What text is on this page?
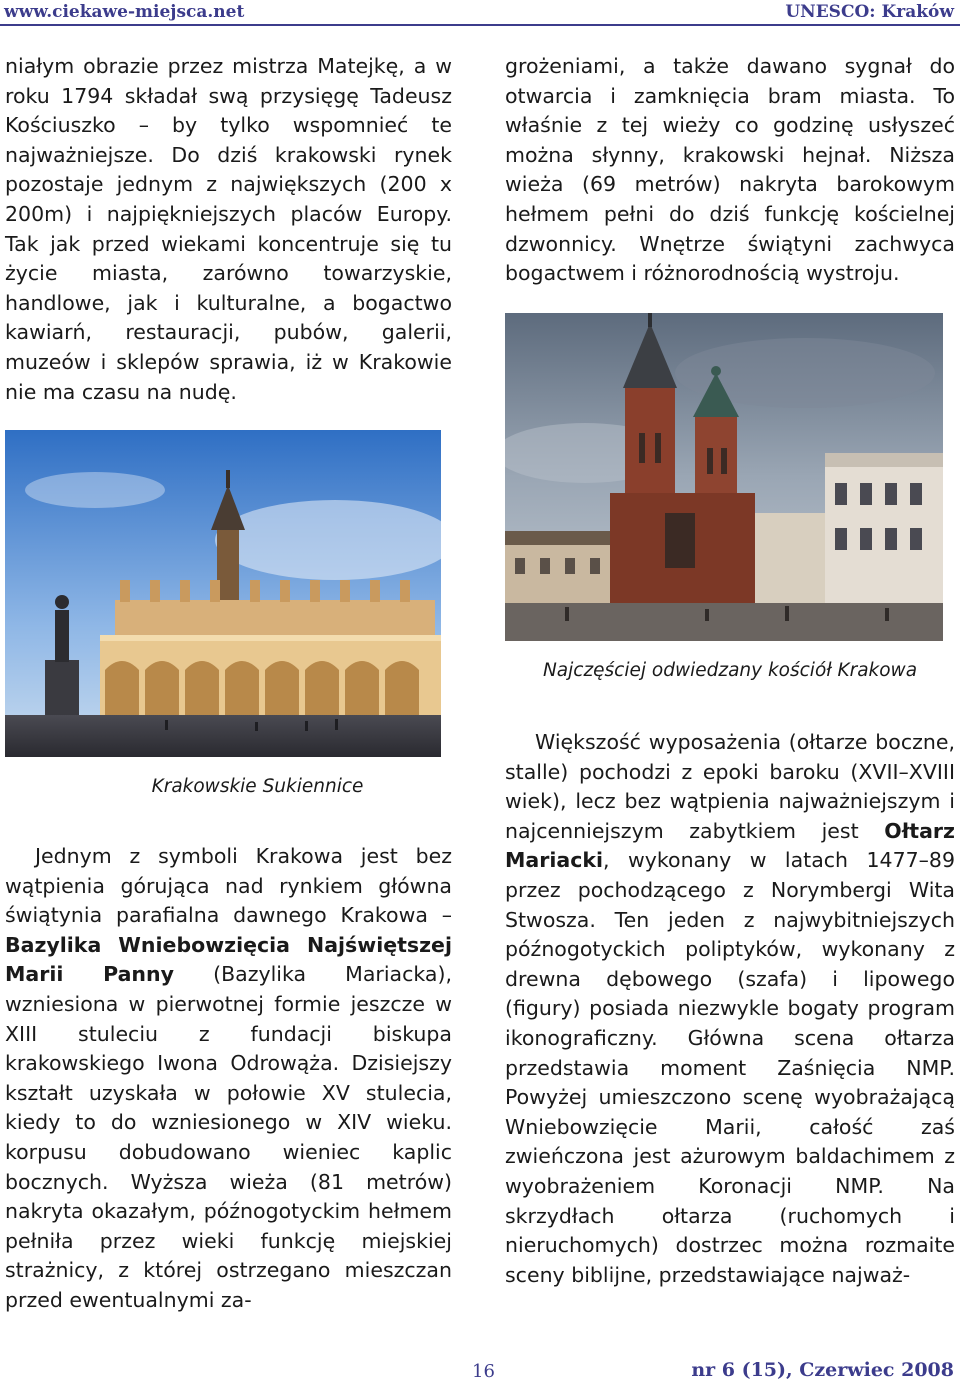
www.ciekawe-miejsca.net	UNESCO: Kraków

niałym obrazie przez mistrza Matejkę, a w roku 1794 składał swą przysięgę Tadeusz Kościuszko – by tylko wspomnieć te najważniejsze. Do dziś krakowski rynek pozostaje jednym z największych (200 x 200m) i najpiękniejszych placów Europy. Tak jak przed wiekami koncentruje się tu życie miasta, zarówno towarzyskie, handlowe, jak i kulturalne, a bogactwo kawiarń, restauracji, pubów, galerii, muzeów i sklepów sprawia, iż w Krakowie nie ma czasu na nudę.

grożeniami, a także dawano sygnał do otwarcia i zamknięcia bram miasta. To właśnie z tej wieży co godzinę usłyszeć można słynny, krakowski hejnał. Niższa wieża (69 metrów) nakryta barokowym hełmem pełni do dziś funkcję kościelnej dzwonnicy. Wnętrze świątyni zachwyca bogactwem i różnorodnością wystroju.

Krakowskie Sukiennice
Najczęściej odwiedzany kościół Krakowa

Jednym z symboli Krakowa jest bez wątpienia górująca nad rynkiem główna świątynia parafialna dawnego Krakowa – Bazylika Wniebowzięcia Najświętszej Marii Panny (Bazylika Mariacka), wzniesiona w pierwotnej formie jeszcze w XIII stuleciu z fundacji biskupa krakowskiego Iwona Odrowąża. Dzisiejszy kształt uzyskała w połowie XV stulecia, kiedy to do wzniesionego w XIV wieku. korpusu dobudowano wieniec kaplic bocznych. Wyższa wieża (81 metrów) nakryta okazałym, późnogotyckim hełmem pełniła przez wieki funkcję miejskiej strażnicy, z której ostrzegano mieszczan przed ewentualnymi za-

Większość wyposażenia (ołtarze boczne, stalle) pochodzi z epoki baroku (XVII–XVIII wiek), lecz bez wątpienia najważniejszym i najcenniejszym zabytkiem jest Ołtarz Mariacki, wykonany w latach 1477–89 przez pochodzącego z Norymbergi Wita Stwosza. Ten jeden z najwybitniejszych późnogotyckich poliptyków, wykonany z drewna dębowego (szafa) i lipowego (figury) posiada niezwykle bogaty program ikonograficzny. Główna scena ołtarza przedstawia moment Zaśnięcia NMP. Powyżej umieszczono scenę wyobrażającą Wniebowzięcie Marii, całość zaś zwieńczona jest ażurowym baldachimem z wyobrażeniem Koronacji NMP. Na skrzydłach ołtarza (ruchomych i nieruchomych) dostrzec można rozmaite sceny biblijne, przedstawiające najważ-

16	nr 6 (15), Czerwiec 2008
